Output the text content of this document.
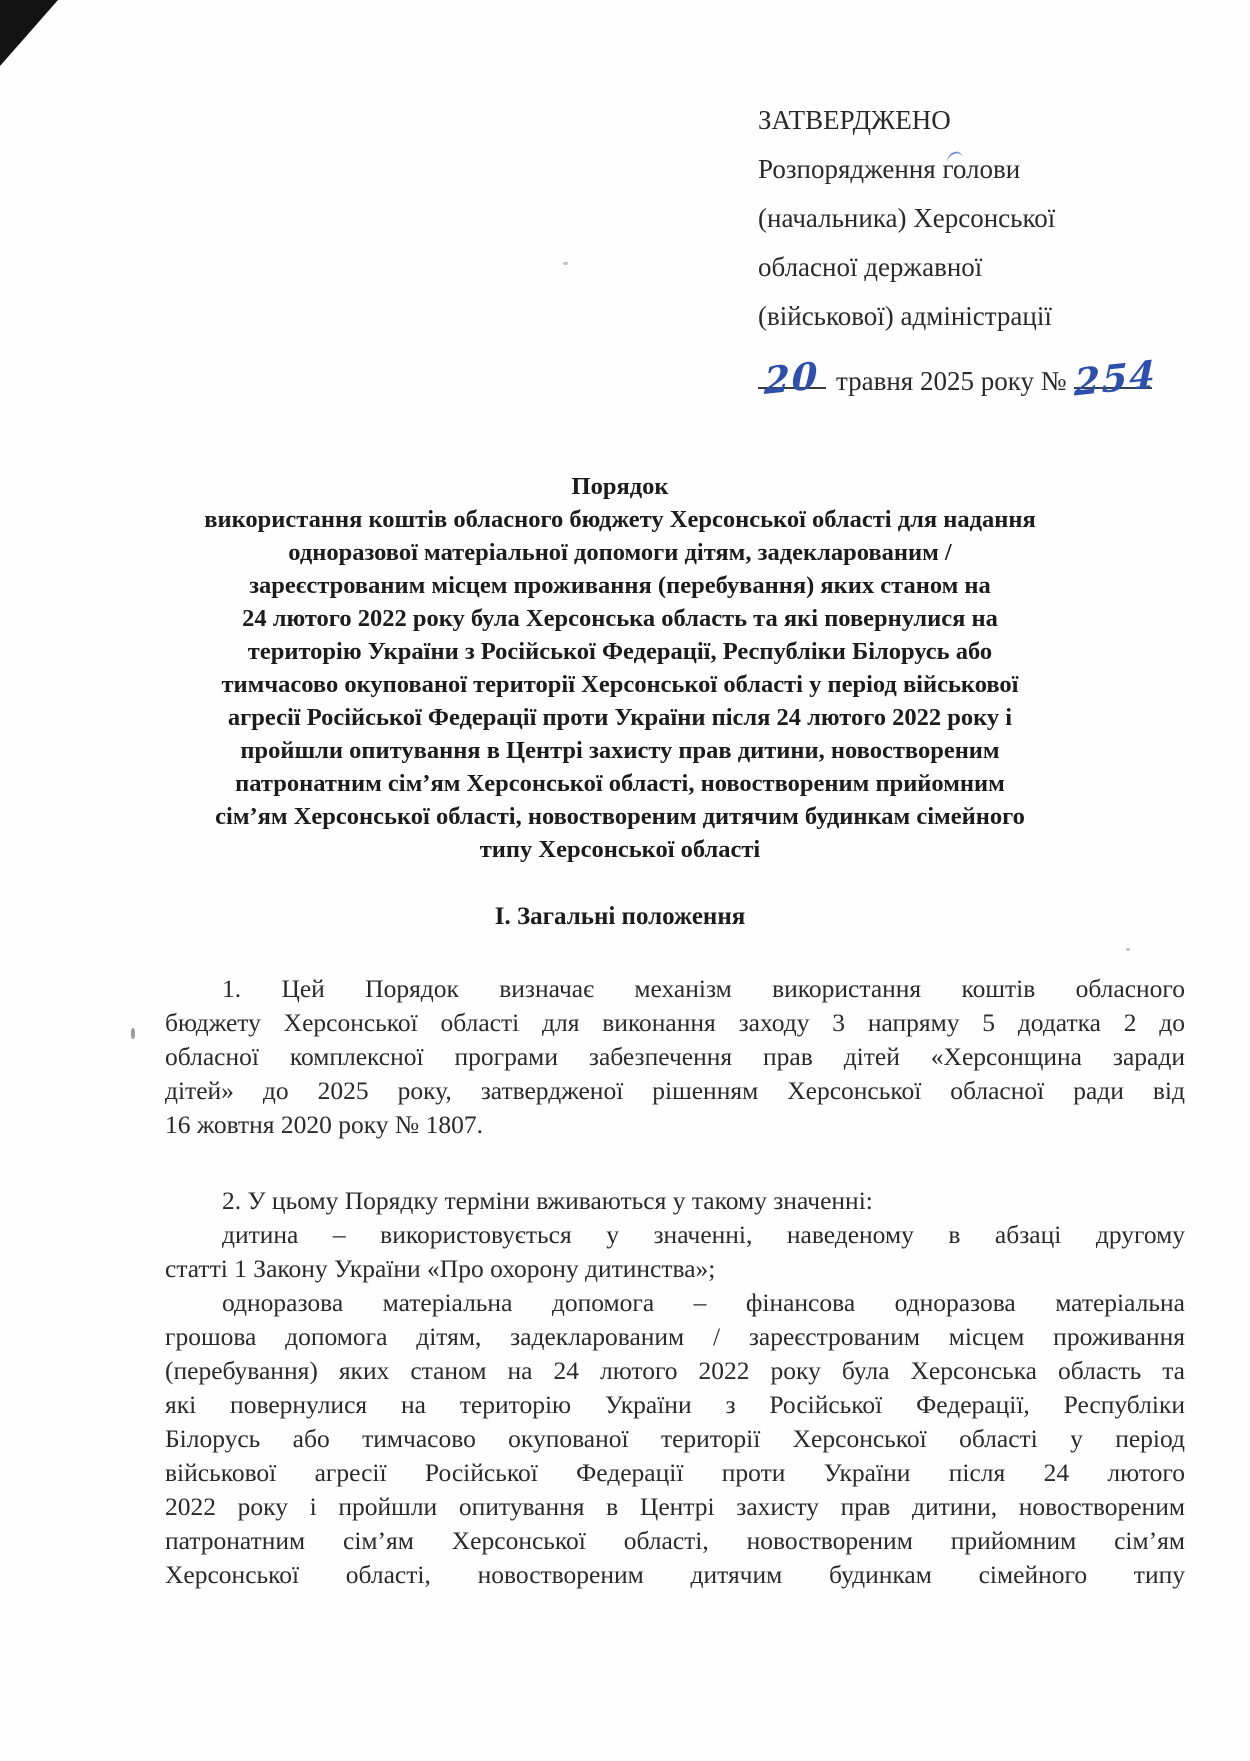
ЗАТВЕРДЖЕНО
Розпорядження голови
(начальника) Херсонської
обласної державної
(військової) адміністрації
20 травня 2025 року № 254
Порядок
використання коштів обласного бюджету Херсонської області для надання
одноразової матеріальної допомоги дітям, задекларованим /
зареєстрованим місцем проживання (перебування) яких станом на
24 лютого 2022 року була Херсонська область та які повернулися на
територію України з Російської Федерації, Республіки Білорусь або
тимчасово окупованої території Херсонської області у період військової
агресії Російської Федерації проти України після 24 лютого 2022 року і
пройшли опитування в Центрі захисту прав дитини, новоствореним
патронатним сім’ям Херсонської області, новоствореним прийомним
сім’ям Херсонської області, новоствореним дитячим будинкам сімейного
типу Херсонської області
І. Загальні положення
1. Цей Порядок визначає механізм використання коштів обласного
бюджету Херсонської області для виконання заходу 3 напряму 5 додатка 2 до
обласної комплексної програми забезпечення прав дітей «Херсонщина заради
дітей» до 2025 року, затвердженої рішенням Херсонської обласної ради від
16 жовтня 2020 року № 1807.
2. У цьому Порядку терміни вживаються у такому значенні:
дитина – використовується у значенні, наведеному в абзаці другому
статті 1 Закону України «Про охорону дитинства»;
одноразова матеріальна допомога – фінансова одноразова матеріальна
грошова допомога дітям, задекларованим / зареєстрованим місцем проживання
(перебування) яких станом на 24 лютого 2022 року була Херсонська область та
які повернулися на територію України з Російської Федерації, Республіки
Білорусь або тимчасово окупованої території Херсонської області у період
військової агресії Російської Федерації проти України після 24 лютого
2022 року і пройшли опитування в Центрі захисту прав дитини, новоствореним
патронатним сім’ям Херсонської області, новоствореним прийомним сім’ям
Херсонської області, новоствореним дитячим будинкам сімейного типу
